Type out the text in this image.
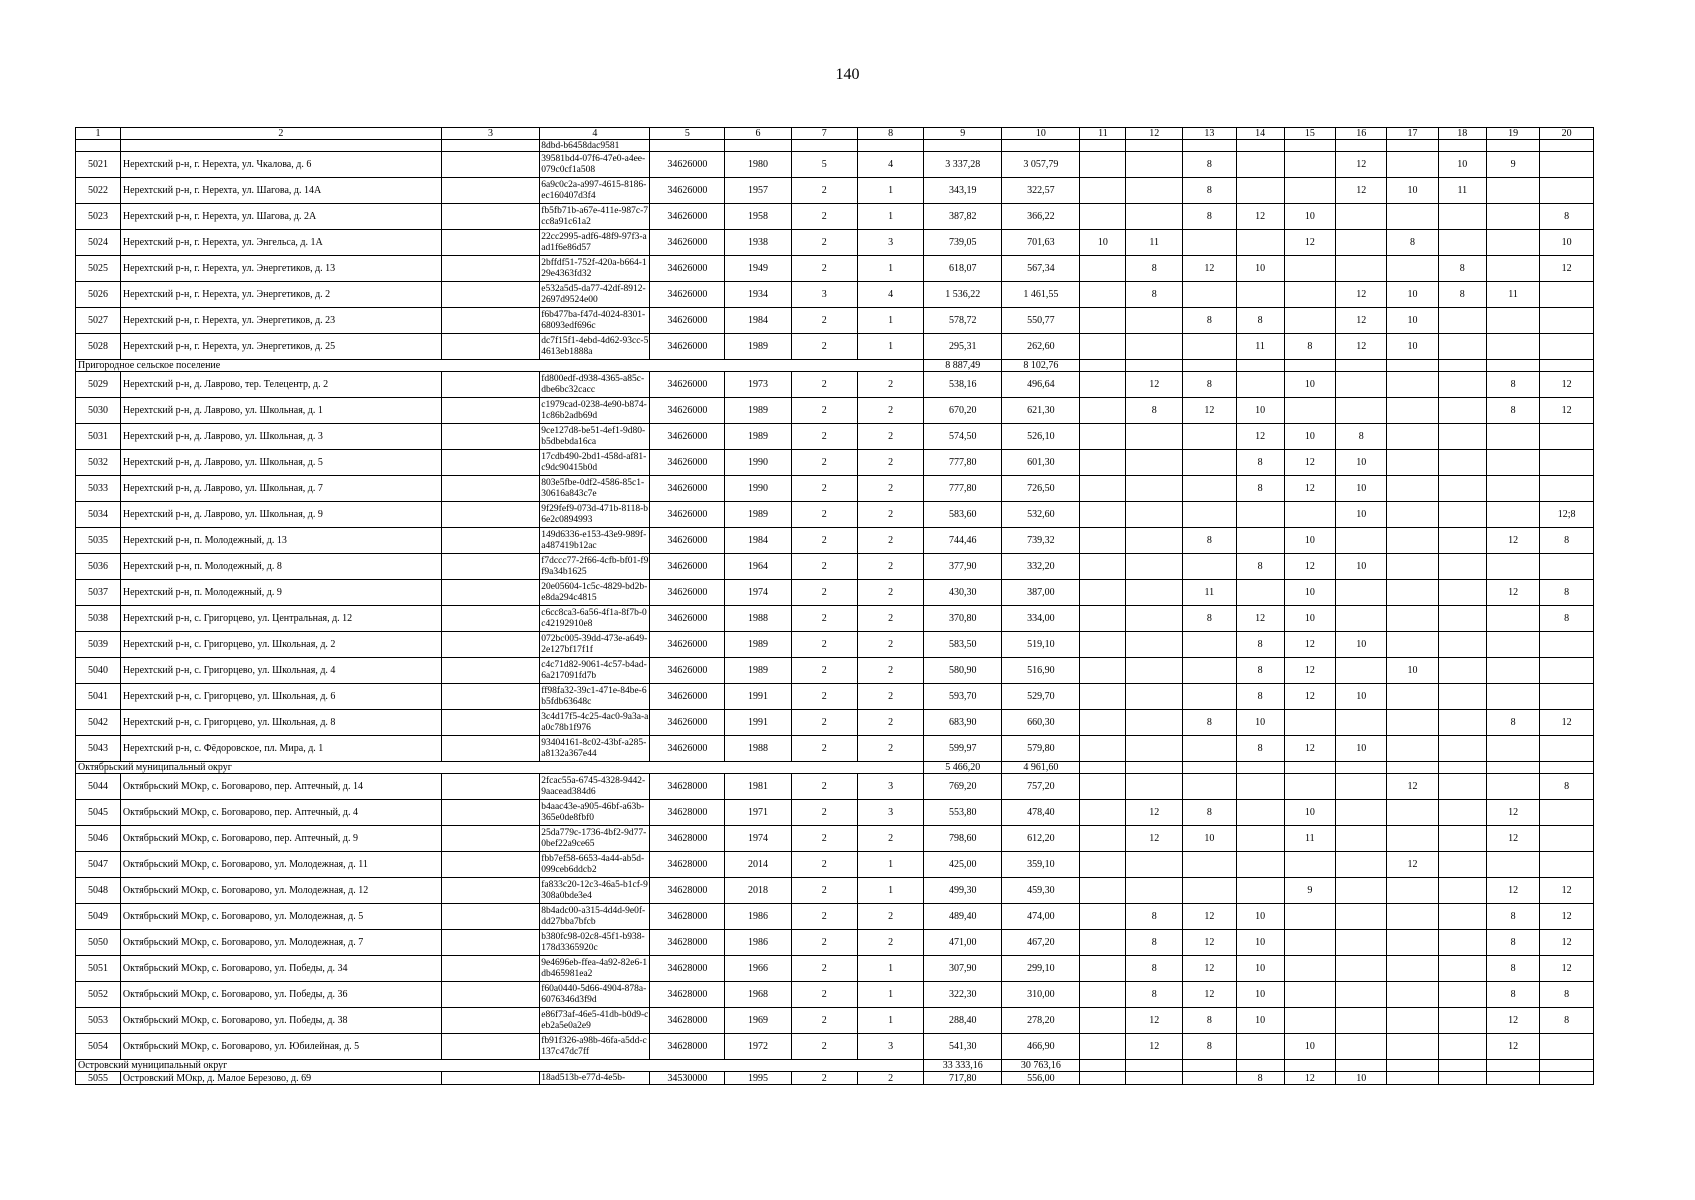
140
1	2	3	4	5	6	7	8	9	10	11	12	13	14	15	16	17	18	19	20
			8dbd-b6458dac9581																
5021	Нерехтский р-н, г. Нерехта, ул. Чкалова, д. 6		39581bd4-07f6-47e0-a4ee-079c0cf1a508	34626000	1980	5	4	3 337,28	3 057,79			8			12		10	9	
5022	Нерехтский р-н, г. Нерехта, ул. Шагова, д. 14А		6a9c0c2a-a997-4615-8186-ec160407d3f4	34626000	1957	2	1	343,19	322,57			8			12	10	11		
5023	Нерехтский р-н, г. Нерехта, ул. Шагова, д. 2А		fb5fb71b-a67e-411e-987c-7cc8a91c61a2	34626000	1958	2	1	387,82	366,22			8	12	10					8
5024	Нерехтский р-н, г. Нерехта, ул. Энгельса, д. 1А		22cc2995-adf6-48f9-97f3-aad1f6e86d57	34626000	1938	2	3	739,05	701,63	10	11			12		8			10
5025	Нерехтский р-н, г. Нерехта, ул. Энергетиков, д. 13		2bffdf51-752f-420a-b664-129e4363fd32	34626000	1949	2	1	618,07	567,34		8	12	10				8		12
5026	Нерехтский р-н, г. Нерехта, ул. Энергетиков, д. 2		e532a5d5-da77-42df-8912-2697d9524e00	34626000	1934	3	4	1 536,22	1 461,55		8				12	10	8	11	
5027	Нерехтский р-н, г. Нерехта, ул. Энергетиков, д. 23		f6b477ba-f47d-4024-8301-68093edf696c	34626000	1984	2	1	578,72	550,77			8	8		12	10			
5028	Нерехтский р-н, г. Нерехта, ул. Энергетиков, д. 25		dc7f15f1-4ebd-4d62-93cc-54613eb1888a	34626000	1989	2	1	295,31	262,60				11	8	12	10			
Пригородное сельское поселение								8 887,49	8 102,76										
5029	Нерехтский р-н, д. Лаврово, тер. Телецентр, д. 2		fd800edf-d938-4365-a85c-dbe6bc32cacc	34626000	1973	2	2	538,16	496,64		12	8		10				8	12
5030	Нерехтский р-н, д. Лаврово, ул. Школьная, д. 1		c1979cad-0238-4e90-b874-1c86b2adb69d	34626000	1989	2	2	670,20	621,30		8	12	10					8	12
5031	Нерехтский р-н, д. Лаврово, ул. Школьная, д. 3		9ce127d8-be51-4ef1-9d80-b5dbebda16ca	34626000	1989	2	2	574,50	526,10				12	10	8				
5032	Нерехтский р-н, д. Лаврово, ул. Школьная, д. 5		17cdb490-2bd1-458d-af81-c9dc90415b0d	34626000	1990	2	2	777,80	601,30				8	12	10				
5033	Нерехтский р-н, д. Лаврово, ул. Школьная, д. 7		803e5fbe-0df2-4586-85c1-30616a843c7e	34626000	1990	2	2	777,80	726,50				8	12	10				
5034	Нерехтский р-н, д. Лаврово, ул. Школьная, д. 9		9f29fef9-073d-471b-8118-b6e2c0894993	34626000	1989	2	2	583,60	532,60						10				12;8
5035	Нерехтский р-н, п. Молодежный, д. 13		149d6336-e153-43e9-989f-a487419b12ac	34626000	1984	2	2	744,46	739,32			8		10				12	8
5036	Нерехтский р-н, п. Молодежный, д. 8		f7dccc77-2f66-4cfb-bf01-f9f9a34b1625	34626000	1964	2	2	377,90	332,20				8	12	10				
5037	Нерехтский р-н, п. Молодежный, д. 9		20e05604-1c5c-4829-bd2b-e8da294c4815	34626000	1974	2	2	430,30	387,00			11		10				12	8
5038	Нерехтский р-н, с. Григорцево, ул. Центральная, д. 12		c6cc8ca3-6a56-4f1a-8f7b-0c42192910e8	34626000	1988	2	2	370,80	334,00			8	12	10					8
5039	Нерехтский р-н, с. Григорцево, ул. Школьная, д. 2		072bc005-39dd-473e-a649-2e127bf17f1f	34626000	1989	2	2	583,50	519,10				8	12	10				
5040	Нерехтский р-н, с. Григорцево, ул. Школьная, д. 4		c4c71d82-9061-4c57-b4ad-6a217091fd7b	34626000	1989	2	2	580,90	516,90				8	12		10			
5041	Нерехтский р-н, с. Григорцево, ул. Школьная, д. 6		ff98fa32-39c1-471e-84be-6b5fdb63648c	34626000	1991	2	2	593,70	529,70				8	12	10				
5042	Нерехтский р-н, с. Григорцево, ул. Школьная, д. 8		3c4d17f5-4c25-4ac0-9a3a-aa0c78b1f976	34626000	1991	2	2	683,90	660,30			8	10					8	12
5043	Нерехтский р-н, с. Фёдоровское, пл. Мира, д. 1		93404161-8c02-43bf-a285-a8132a367e44	34626000	1988	2	2	599,97	579,80				8	12	10				
Октябрьский муниципальный округ								5 466,20	4 961,60										
5044	Октябрьский МОкр, с. Боговарово, пер. Аптечный, д. 14		2fcac55a-6745-4328-9442-9aacead384d6	34628000	1981	2	3	769,20	757,20							12			8
5045	Октябрьский МОкр, с. Боговарово, пер. Аптечный, д. 4		b4aac43e-a905-46bf-a63b-365e0de8fbf0	34628000	1971	2	3	553,80	478,40		12	8		10				12	
5046	Октябрьский МОкр, с. Боговарово, пер. Аптечный, д. 9		25da779c-1736-4bf2-9d77-0bef22a9ce65	34628000	1974	2	2	798,60	612,20		12	10		11				12	
5047	Октябрьский МОкр, с. Боговарово, ул. Молодежная, д. 11		fbb7ef58-6653-4a44-ab5d-099ceb6ddcb2	34628000	2014	2	1	425,00	359,10							12			
5048	Октябрьский МОкр, с. Боговарово, ул. Молодежная, д. 12		fa833c20-12c3-46a5-b1cf-9308a0bde3e4	34628000	2018	2	1	499,30	459,30					9				12	12
5049	Октябрьский МОкр, с. Боговарово, ул. Молодежная, д. 5		8b4adc00-a315-4d4d-9e0f-dd27bba7bfcb	34628000	1986	2	2	489,40	474,00		8	12	10					8	12
5050	Октябрьский МОкр, с. Боговарово, ул. Молодежная, д. 7		b380fc98-02c8-45f1-b938-178d3365920c	34628000	1986	2	2	471,00	467,20		8	12	10					8	12
5051	Октябрьский МОкр, с. Боговарово, ул. Победы, д. 34		9e4696eb-ffea-4a92-82e6-1db465981ea2	34628000	1966	2	1	307,90	299,10		8	12	10					8	12
5052	Октябрьский МОкр, с. Боговарово, ул. Победы, д. 36		f60a0440-5d66-4904-878a-6076346d3f9d	34628000	1968	2	1	322,30	310,00		8	12	10					8	8
5053	Октябрьский МОкр, с. Боговарово, ул. Победы, д. 38		e86f73af-46e5-41db-b0d9-ceb2a5e0a2e9	34628000	1969	2	1	288,40	278,20		12	8	10					12	8
5054	Октябрьский МОкр, с. Боговарово, ул. Юбилейная, д. 5		fb91f326-a98b-46fa-a5dd-c137c47dc7ff	34628000	1972	2	3	541,30	466,90		12	8		10				12	
Островский муниципальный округ								33 333,16	30 763,16										
5055	Островский МОкр, д. Малое Березово, д. 69		18ad513b-e77d-4e5b-	34530000	1995	2	2	717,80	556,00				8	12	10				
